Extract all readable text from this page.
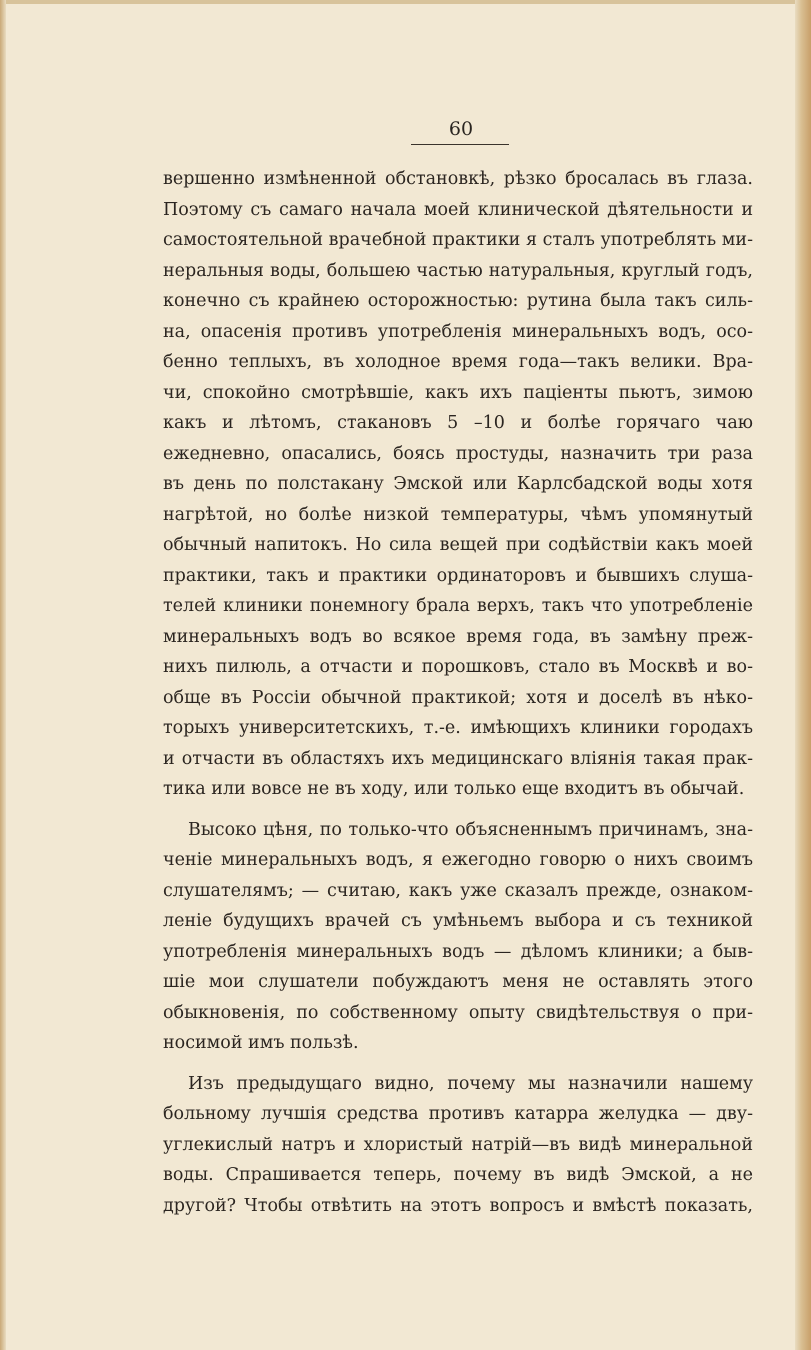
60
вершенно измѣненной обстановкѣ, рѣзко бросалась въ глаза.
Поэтому съ самаго начала моей клинической дѣятельности и
самостоятельной врачебной практики я сталъ употреблять ми-
неральныя воды, большею частью натуральныя, круглый годъ,
конечно съ крайнею осторожностью: рутина была такъ силь-
на, опасенія противъ употребленія минеральныхъ водъ, осо-
бенно теплыхъ, въ холодное время года—такъ велики. Вра-
чи, спокойно смотрѣвшіе, какъ ихъ паціенты пьютъ, зимою
какъ и лѣтомъ, стакановъ 5 –10 и болѣе горячаго чаю
ежедневно, опасались, боясь простуды, назначить три раза
въ день по полстакану Эмской или Карлсбадской воды хотя
нагрѣтой, но болѣе низкой температуры, чѣмъ упомянутый
обычный напитокъ. Но сила вещей при содѣйствіи какъ моей
практики, такъ и практики ординаторовъ и бывшихъ слуша-
телей клиники понемногу брала верхъ, такъ что употребленіе
минеральныхъ водъ во всякое время года, въ замѣну преж-
нихъ пилюль, а отчасти и порошковъ, стало въ Москвѣ и во-
обще въ Россіи обычной практикой; хотя и доселѣ въ нѣко-
торыхъ университетскихъ, т.-е. имѣющихъ клиники городахъ
и отчасти въ областяхъ ихъ медицинскаго вліянія такая прак-
тика или вовсе не въ ходу, или только еще входитъ въ обычай.
Высоко цѣня, по только-что объясненнымъ причинамъ, зна-
ченіе минеральныхъ водъ, я ежегодно говорю о нихъ своимъ
слушателямъ; — считаю, какъ уже сказалъ прежде, ознаком-
леніе будущихъ врачей съ умѣньемъ выбора и съ техникой
употребленія минеральныхъ водъ — дѣломъ клиники; а быв-
шіе мои слушатели побуждаютъ меня не оставлять этого
обыкновенія, по собственному опыту свидѣтельствуя о при-
носимой имъ пользѣ.
Изъ предыдущаго видно, почему мы назначили нашему
больному лучшія средства противъ катарра желудка — дву-
углекислый натръ и хлористый натрій—въ видѣ минеральной
воды. Спрашивается теперь, почему въ видѣ Эмской, а не
другой? Чтобы отвѣтить на этотъ вопросъ и вмѣстѣ показать,
